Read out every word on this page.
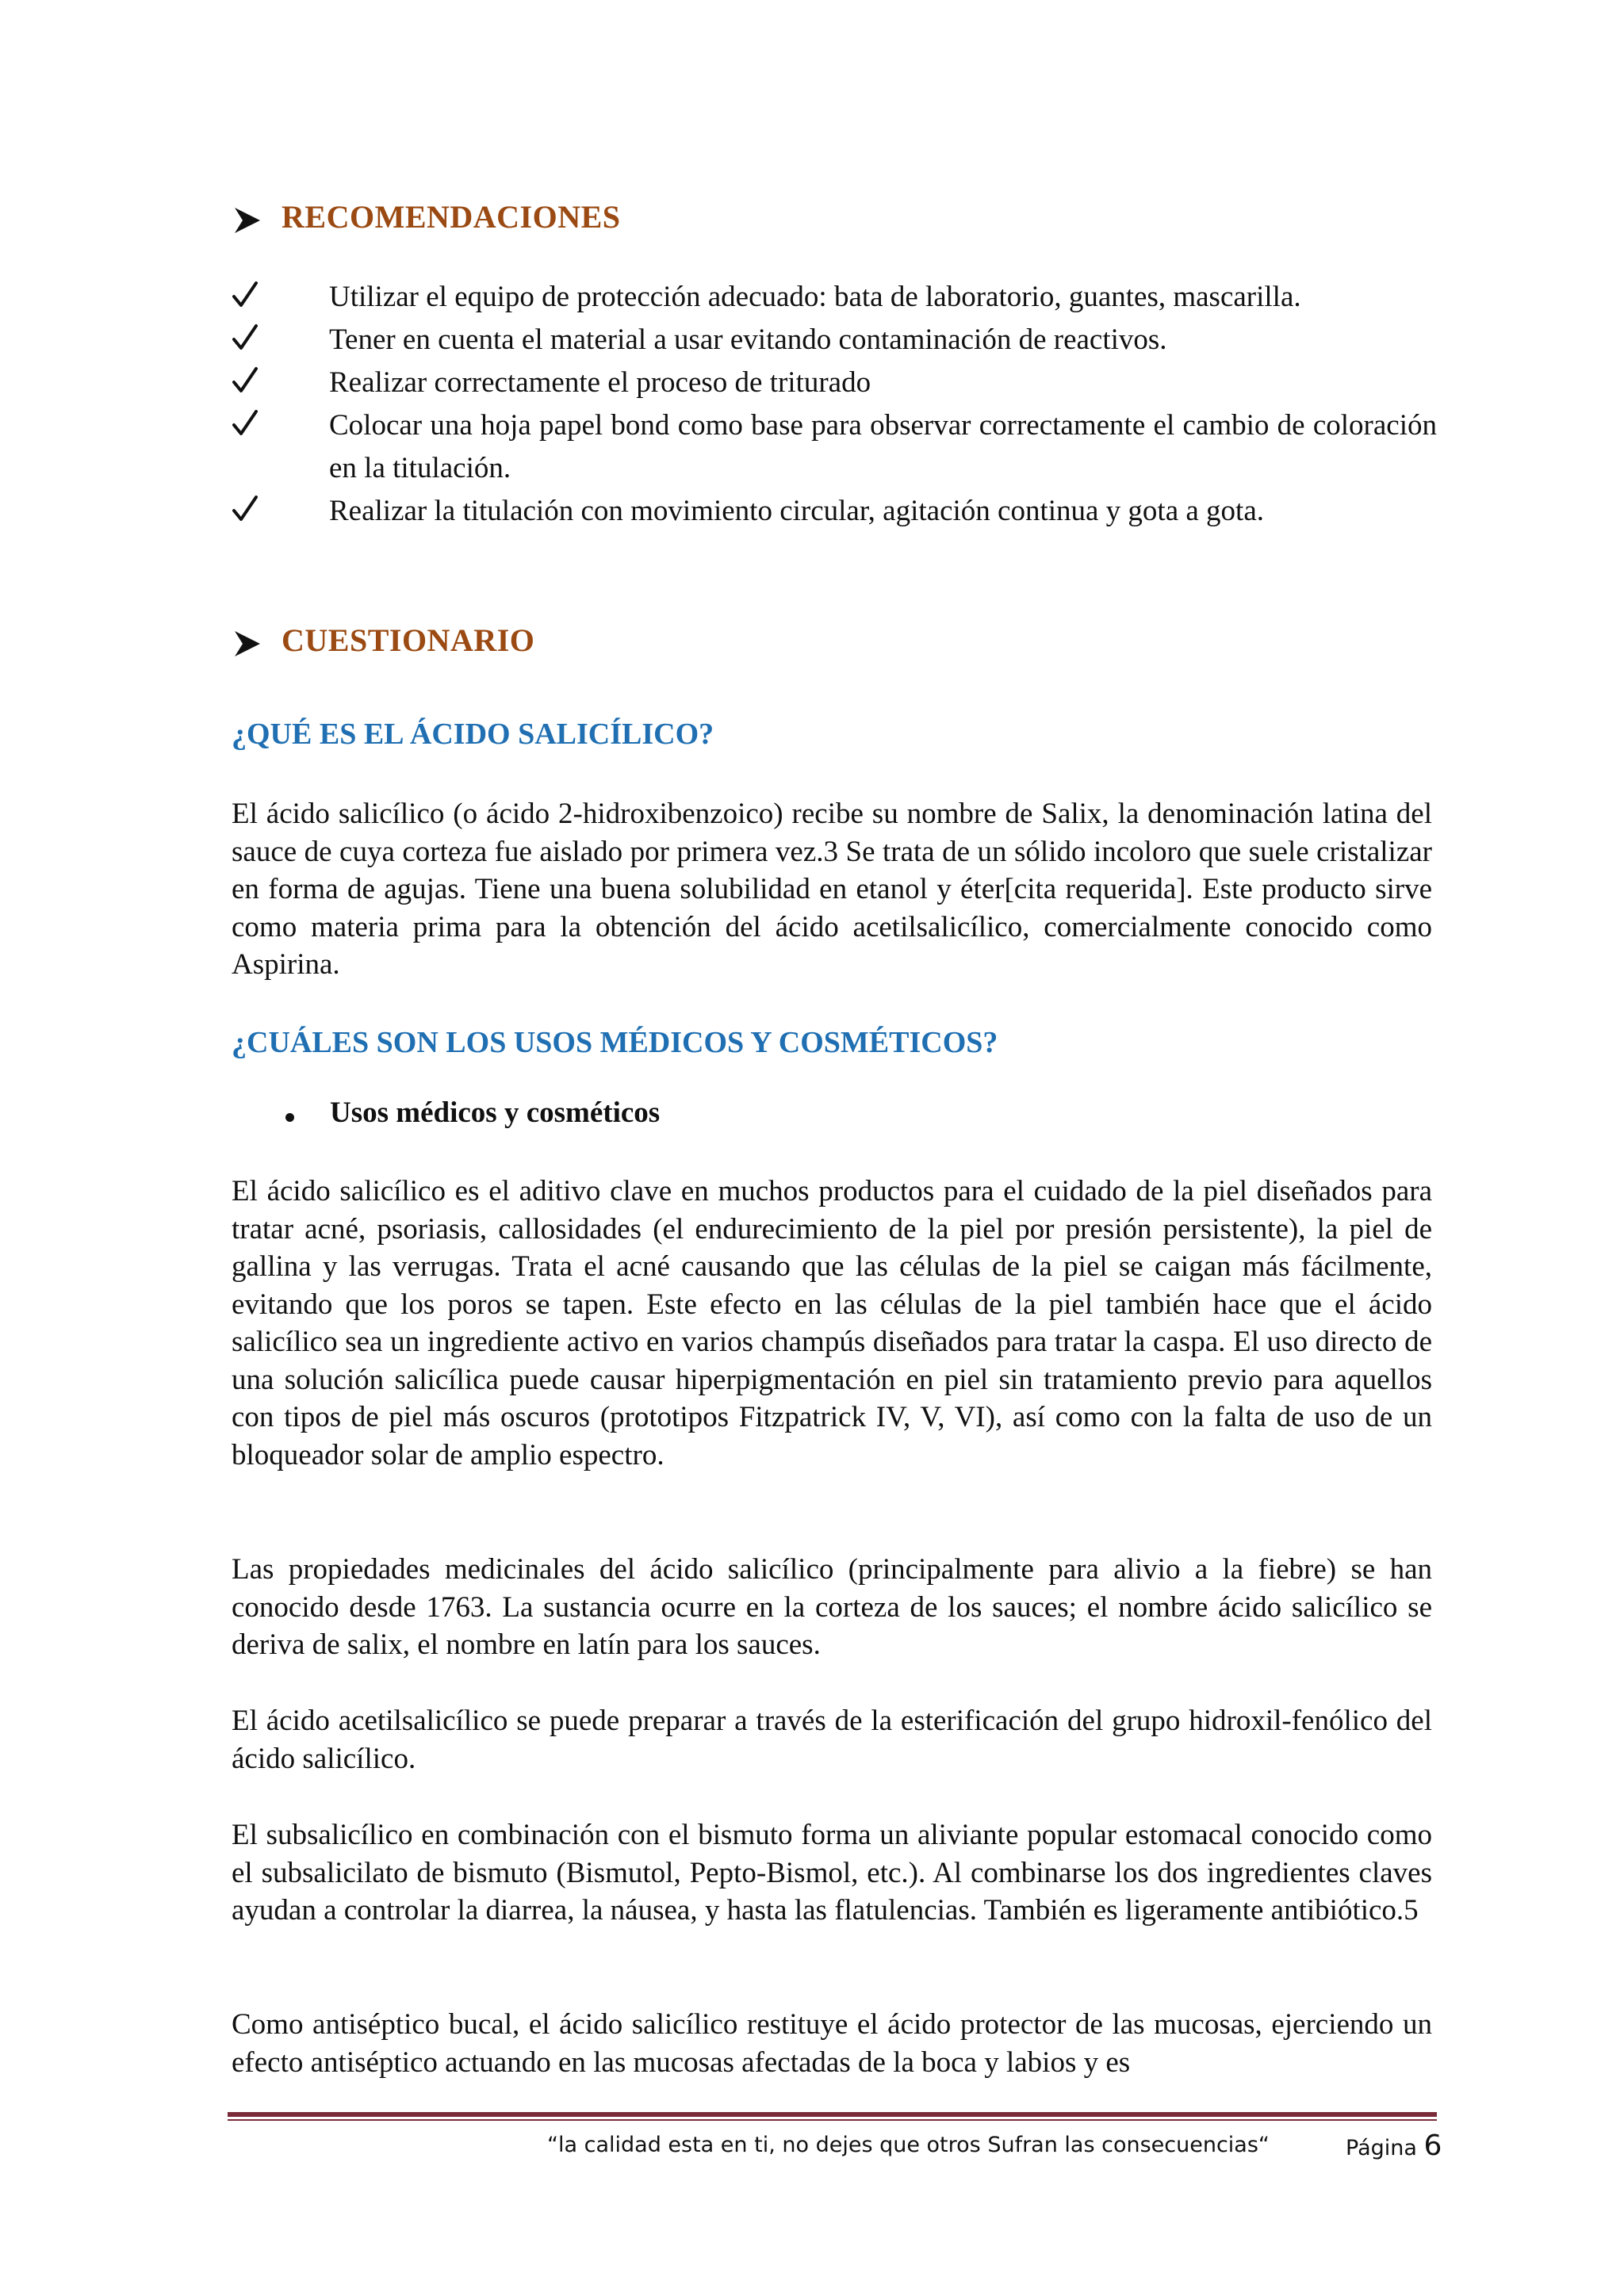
RECOMENDACIONES
Utilizar el equipo de protección adecuado: bata de laboratorio, guantes, mascarilla.
Tener en cuenta el material a usar evitando contaminación de reactivos.
Realizar correctamente el proceso de triturado
Colocar una hoja papel bond como base para observar correctamente el cambio de coloración en la titulación.
Realizar la titulación con movimiento circular, agitación continua y gota a gota.
CUESTIONARIO
¿QUÉ ES EL ÁCIDO SALICÍLICO?

El ácido salicílico (o ácido 2-hidroxibenzoico) recibe su nombre de Salix, la denominación latina del sauce de cuya corteza fue aislado por primera vez.3 Se trata de un sólido incoloro que suele cristalizar en forma de agujas. Tiene una buena solubilidad en etanol y éter[cita requerida]. Este producto sirve como materia prima para la obtención del ácido acetilsalicílico, comercialmente conocido como Aspirina.

¿CUÁLES SON LOS USOS MÉDICOS Y COSMÉTICOS?
Usos médicos y cosméticos

El ácido salicílico es el aditivo clave en muchos productos para el cuidado de la piel diseñados para tratar acné, psoriasis, callosidades (el endurecimiento de la piel por presión persistente), la piel de gallina y las verrugas. Trata el acné causando que las células de la piel se caigan más fácilmente, evitando que los poros se tapen. Este efecto en las células de la piel también hace que el ácido salicílico sea un ingrediente activo en varios champús diseñados para tratar la caspa. El uso directo de una solución salicílica puede causar hiperpigmentación en piel sin tratamiento previo para aquellos con tipos de piel más oscuros (prototipos Fitzpatrick IV, V, VI), así como con la falta de uso de un bloqueador solar de amplio espectro.

Las propiedades medicinales del ácido salicílico (principalmente para alivio a la fiebre) se han conocido desde 1763. La sustancia ocurre en la corteza de los sauces; el nombre ácido salicílico se deriva de salix, el nombre en latín para los sauces.

El ácido acetilsalicílico se puede preparar a través de la esterificación del grupo hidroxil-fenólico del ácido salicílico.

El subsalicílico en combinación con el bismuto forma un aliviante popular estomacal conocido como el subsalicilato de bismuto (Bismutol, Pepto-Bismol, etc.). Al combinarse los dos ingredientes claves ayudan a controlar la diarrea, la náusea, y hasta las flatulencias. También es ligeramente antibiótico.5

Como antiséptico bucal, el ácido salicílico restituye el ácido protector de las mucosas, ejerciendo un efecto antiséptico actuando en las mucosas afectadas de la boca y labios y es

“la calidad esta en ti, no dejes que otros Sufran las consecuencias“	Página 6
